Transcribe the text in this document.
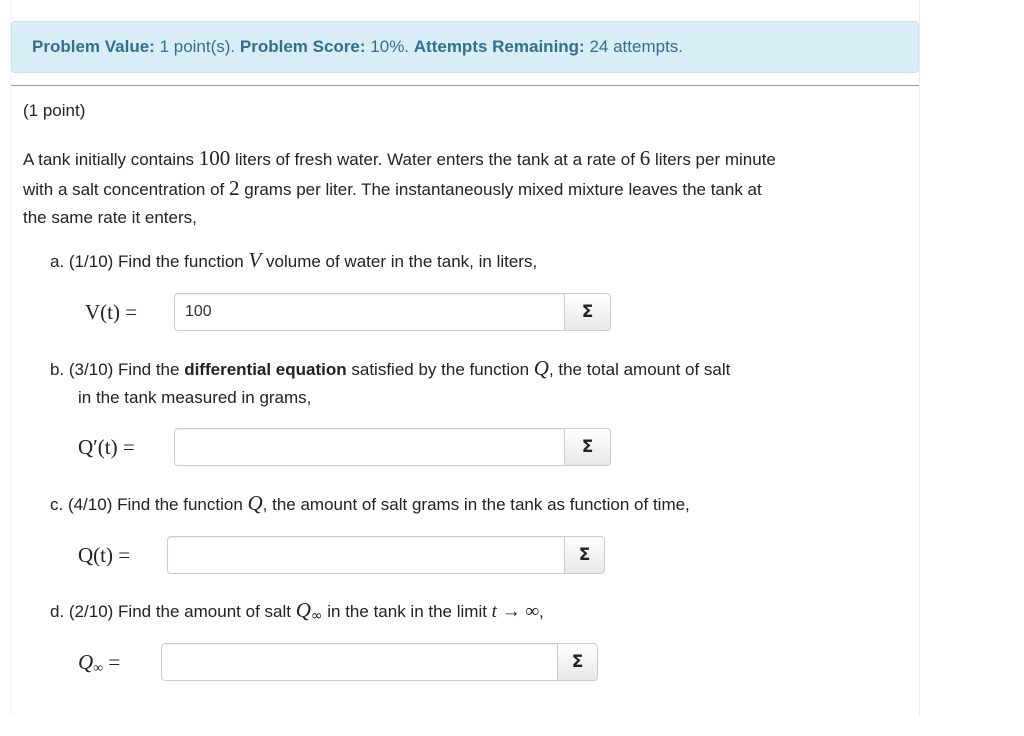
Problem Value: 1 point(s). Problem Score: 10%. Attempts Remaining: 24 attempts.
(1 point)
A tank initially contains 100 liters of fresh water. Water enters the tank at a rate of 6 liters per minute
with a salt concentration of 2 grams per liter. The instantaneously mixed mixture leaves the tank at
the same rate it enters,
a. (1/10) Find the function V volume of water in the tank, in liters,
V(t) =
100	Σ
b. (3/10) Find the differential equation satisfied by the function Q, the total amount of salt
in the tank measured in grams,
Q′(t) =	Σ
c. (4/10) Find the function Q, the amount of salt grams in the tank as function of time,
Q(t) =	Σ
d. (2/10) Find the amount of salt Q∞ in the tank in the limit t → ∞,
$Q_\infty$ =	Σ
